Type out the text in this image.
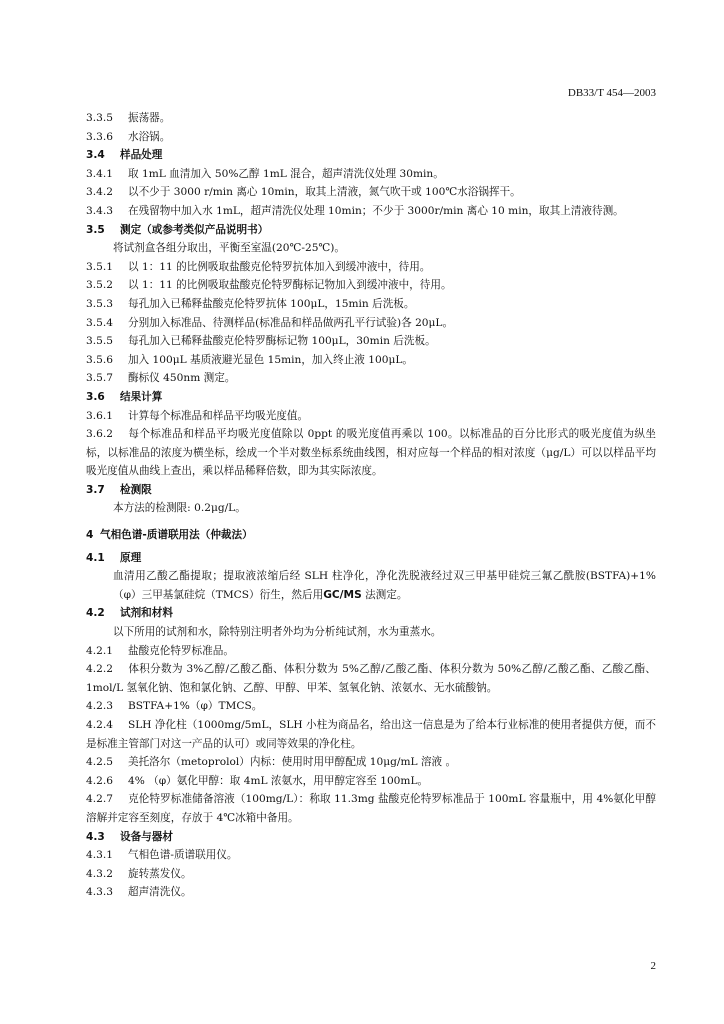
DB33/T 454—2003
3.3.5 振荡器。
3.3.6 水浴锅。
3.4 样品处理
3.4.1 取 1mL 血清加入 50%乙醇 1mL 混合，超声清洗仪处理 30min。
3.4.2 以不少于 3000 r/min 离心 10min，取其上清液，氮气吹干或 100℃水浴锅挥干。
3.4.3 在残留物中加入水 1mL，超声清洗仪处理 10min；不少于 3000r/min 离心 10 min，取其上清液待测。
3.5 测定（或参考类似产品说明书）
将试剂盒各组分取出，平衡至室温(20℃-25℃)。
3.5.1 以 1：11 的比例吸取盐酸克伦特罗抗体加入到缓冲液中，待用。
3.5.2 以 1：11 的比例吸取盐酸克伦特罗酶标记物加入到缓冲液中，待用。
3.5.3 每孔加入已稀释盐酸克伦特罗抗体 100μL，15min 后洗板。
3.5.4 分别加入标准品、待测样品(标准品和样品做两孔平行试验)各 20μL。
3.5.5 每孔加入已稀释盐酸克伦特罗酶标记物 100μL，30min 后洗板。
3.5.6 加入 100μL 基质液避光显色 15min，加入终止液 100μL。
3.5.7 酶标仪 450nm 测定。
3.6 结果计算
3.6.1 计算每个标准品和样品平均吸光度值。
3.6.2 每个标准品和样品平均吸光度值除以 0ppt 的吸光度值再乘以 100。以标准品的百分比形式的吸光度值为纵坐标，以标准品的浓度为横坐标，绘成一个半对数坐标系统曲线图，相对应每一个样品的相对浓度（μg/L）可以以样品平均吸光度值从曲线上查出，乘以样品稀释倍数，即为其实际浓度。
3.7 检测限
本方法的检测限: 0.2μg/L。
4 气相色谱-质谱联用法（仲裁法）
4.1 原理
血清用乙酸乙酯提取；提取液浓缩后经 SLH 柱净化，净化洗脱液经过双三甲基甲硅烷三氟乙酰胺(BSTFA)+1%（φ）三甲基氯硅烷（TMCS）衍生，然后用GC/MS 法测定。
4.2 试剂和材料
以下所用的试剂和水，除特别注明者外均为分析纯试剂，水为重蒸水。
4.2.1 盐酸克伦特罗标准品。
4.2.2 体积分数为 3%乙醇/乙酸乙酯、体积分数为 5%乙醇/乙酸乙酯、体积分数为 50%乙醇/乙酸乙酯、乙酸乙酯、1mol/L 氢氧化钠、饱和氯化钠、乙醇、甲醇、甲苯、氢氧化钠、浓氨水、无水硫酸钠。
4.2.3 BSTFA+1%（φ）TMCS。
4.2.4 SLH 净化柱（1000mg/5mL，SLH 小柱为商品名，给出这一信息是为了给本行业标准的使用者提供方便，而不是标准主管部门对这一产品的认可）或同等效果的净化柱。
4.2.5 美托洛尔（metoprolol）内标：使用时用甲醇配成 10μg/mL 溶液 。
4.2.6 4% （φ）氨化甲醇：取 4mL 浓氨水，用甲醇定容至 100mL。
4.2.7 克伦特罗标准储备溶液（100mg/L）：称取 11.3mg 盐酸克伦特罗标准品于 100mL 容量瓶中，用 4%氨化甲醇溶解并定容至刻度，存放于 4℃冰箱中备用。
4.3 设备与器材
4.3.1 气相色谱-质谱联用仪。
4.3.2 旋转蒸发仪。
4.3.3 超声清洗仪。
2
